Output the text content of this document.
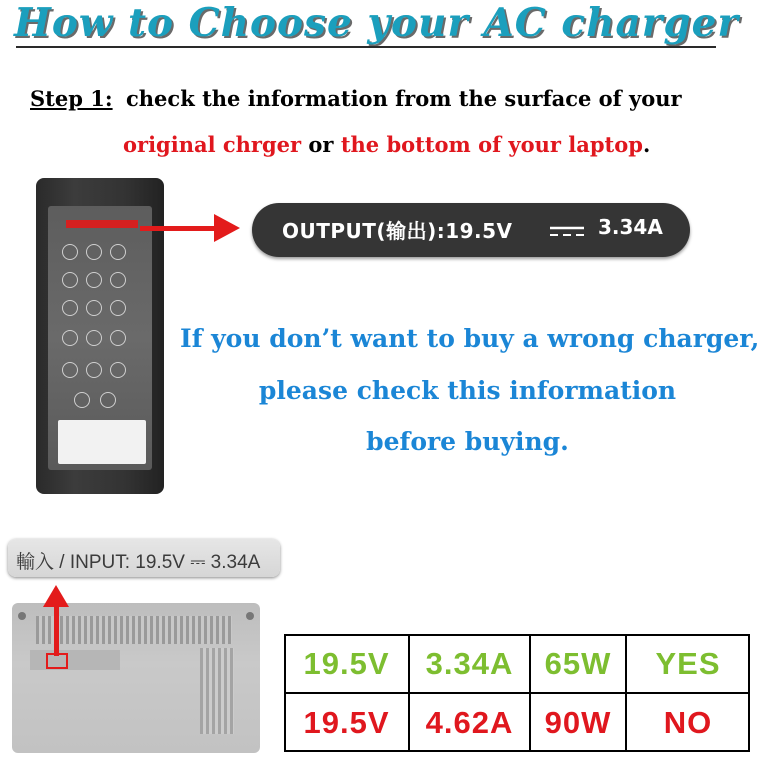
How to Choose your AC charger
Step 1: check the information from the surface of your
original chrger or the bottom of your laptop.
OUTPUT(输出):19.5V	3.34A
If you don’t want to buy a wrong charger,
please check this information
before buying.
輸入 / INPUT: 19.5V ⎓ 3.34A
19.5V	3.34A	65W	YES
19.5V	4.62A	90W	NO
